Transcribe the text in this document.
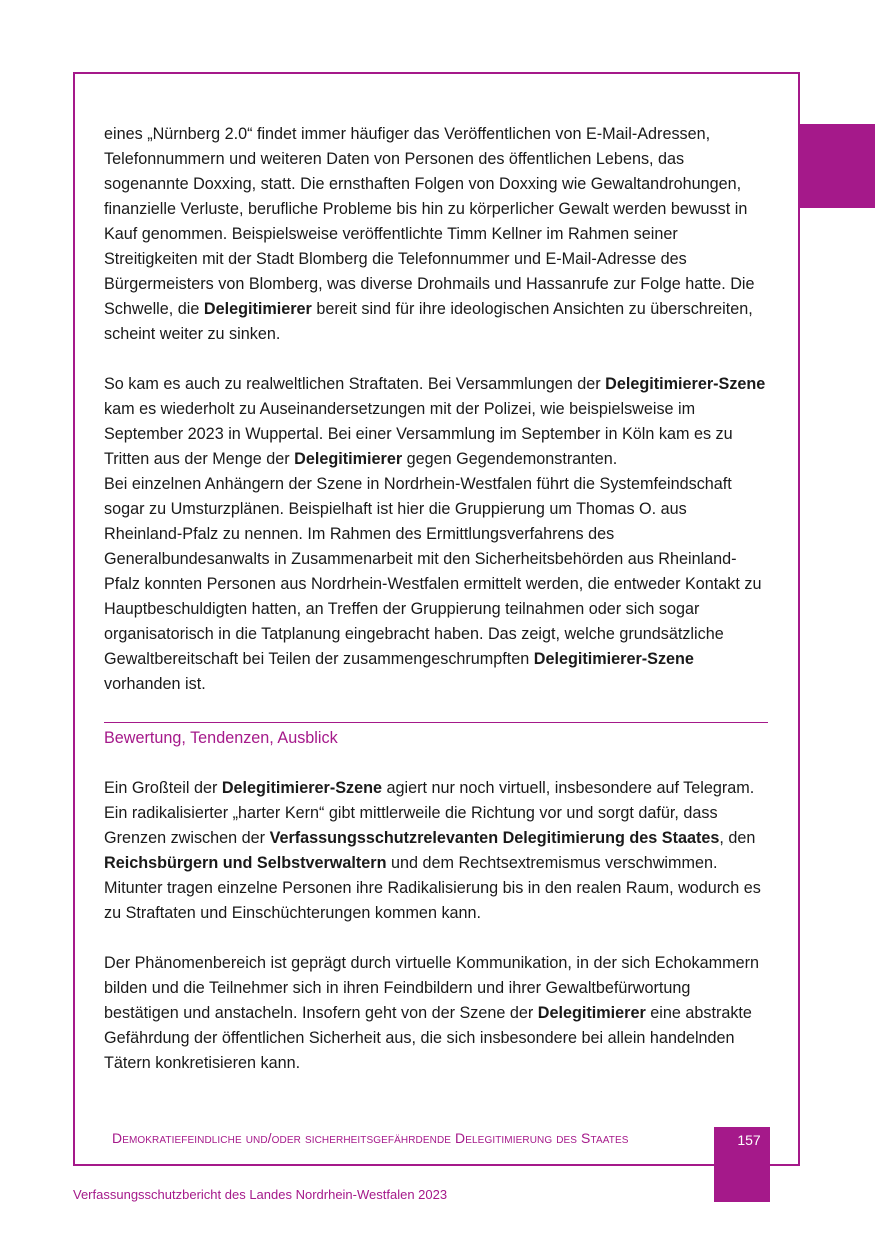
eines „Nürnberg 2.0“ findet immer häufiger das Veröffentlichen von E-Mail-Adressen, Telefonnummern und weiteren Daten von Personen des öffentlichen Lebens, das sogenannte Doxxing, statt. Die ernsthaften Folgen von Doxxing wie Gewaltandrohungen, finanzielle Verluste, berufliche Probleme bis hin zu körperlicher Gewalt werden bewusst in Kauf genommen. Beispielsweise veröffentlichte Timm Kellner im Rahmen seiner Streitigkeiten mit der Stadt Blomberg die Telefonnummer und E-Mail-Adresse des Bürgermeisters von Blomberg, was diverse Drohmails und Hassanrufe zur Folge hatte. Die Schwelle, die Delegitimierer bereit sind für ihre ideologischen Ansichten zu überschreiten, scheint weiter zu sinken.

So kam es auch zu realweltlichen Straftaten. Bei Versammlungen der Delegitimierer-Szene kam es wiederholt zu Auseinandersetzungen mit der Polizei, wie beispielsweise im September 2023 in Wuppertal. Bei einer Versammlung im September in Köln kam es zu Tritten aus der Menge der Delegitimierer gegen Gegendemonstranten.
Bei einzelnen Anhängern der Szene in Nordrhein-Westfalen führt die Systemfeindschaft sogar zu Umsturzplänen. Beispielhaft ist hier die Gruppierung um Thomas O. aus Rheinland-Pfalz zu nennen. Im Rahmen des Ermittlungsverfahrens des Generalbundesanwalts in Zusammenarbeit mit den Sicherheitsbehörden aus Rheinland-Pfalz konnten Personen aus Nordrhein-Westfalen ermittelt werden, die entweder Kontakt zu Hauptbeschuldigten hatten, an Treffen der Gruppierung teilnahmen oder sich sogar organisatorisch in die Tatplanung eingebracht haben. Das zeigt, welche grundsätzliche Gewaltbereitschaft bei Teilen der zusammengeschrumpften Delegitimierer-Szene vorhanden ist.

Bewertung, Tendenzen, Ausblick

Ein Großteil der Delegitimierer-Szene agiert nur noch virtuell, insbesondere auf Telegram. Ein radikalisierter „harter Kern“ gibt mittlerweile die Richtung vor und sorgt dafür, dass Grenzen zwischen der Verfassungsschutzrelevanten Delegitimierung des Staates, den Reichsbürgern und Selbstverwaltern und dem Rechtsextremismus verschwimmen. Mitunter tragen einzelne Personen ihre Radikalisierung bis in den realen Raum, wodurch es zu Straftaten und Einschüchterungen kommen kann.

Der Phänomenbereich ist geprägt durch virtuelle Kommunikation, in der sich Echokammern bilden und die Teilnehmer sich in ihren Feindbildern und ihrer Gewaltbefürwortung bestätigen und anstacheln. Insofern geht von der Szene der Delegitimierer eine abstrakte Gefährdung der öffentlichen Sicherheit aus, die sich insbesondere bei allein handelnden Tätern konkretisieren kann.

Demokratiefeindliche und/oder sicherheitsgefährdende Delegitimierung des Staates	157
Verfassungsschutzbericht des Landes Nordrhein-Westfalen 2023
